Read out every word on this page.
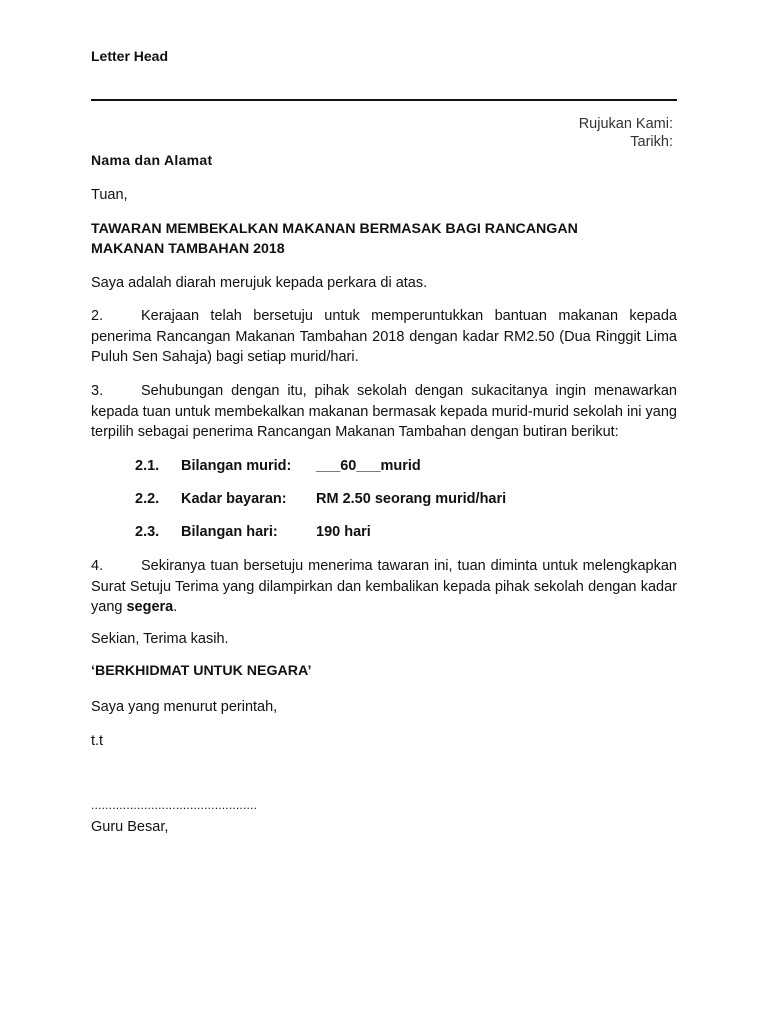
Letter Head
Rujukan Kami:
Tarikh:
Nama dan Alamat
Tuan,
TAWARAN MEMBEKALKAN MAKANAN BERMASAK BAGI RANCANGAN
MAKANAN TAMBAHAN 2018
Saya adalah diarah merujuk kepada perkara di atas.
2.	Kerajaan telah bersetuju untuk memperuntukkan bantuan makanan kepada penerima Rancangan Makanan Tambahan 2018 dengan kadar RM2.50 (Dua Ringgit Lima Puluh Sen Sahaja) bagi setiap murid/hari.
3.	Sehubungan dengan itu, pihak sekolah dengan sukacitanya ingin menawarkan kepada tuan untuk membekalkan makanan bermasak kepada murid-murid sekolah ini yang terpilih sebagai penerima Rancangan Makanan Tambahan dengan butiran berikut:
2.1. Bilangan murid: ___60___murid
2.2. Kadar bayaran: RM 2.50 seorang murid/hari
2.3. Bilangan hari:	190 hari
4.	Sekiranya tuan bersetuju menerima tawaran ini, tuan diminta untuk melengkapkan Surat Setuju Terima yang dilampirkan dan kembalikan kepada pihak sekolah dengan kadar yang segera.
Sekian, Terima kasih.
‘BERKHIDMAT UNTUK NEGARA’
Saya yang menurut perintah,
t.t
...............................................
Guru Besar,
